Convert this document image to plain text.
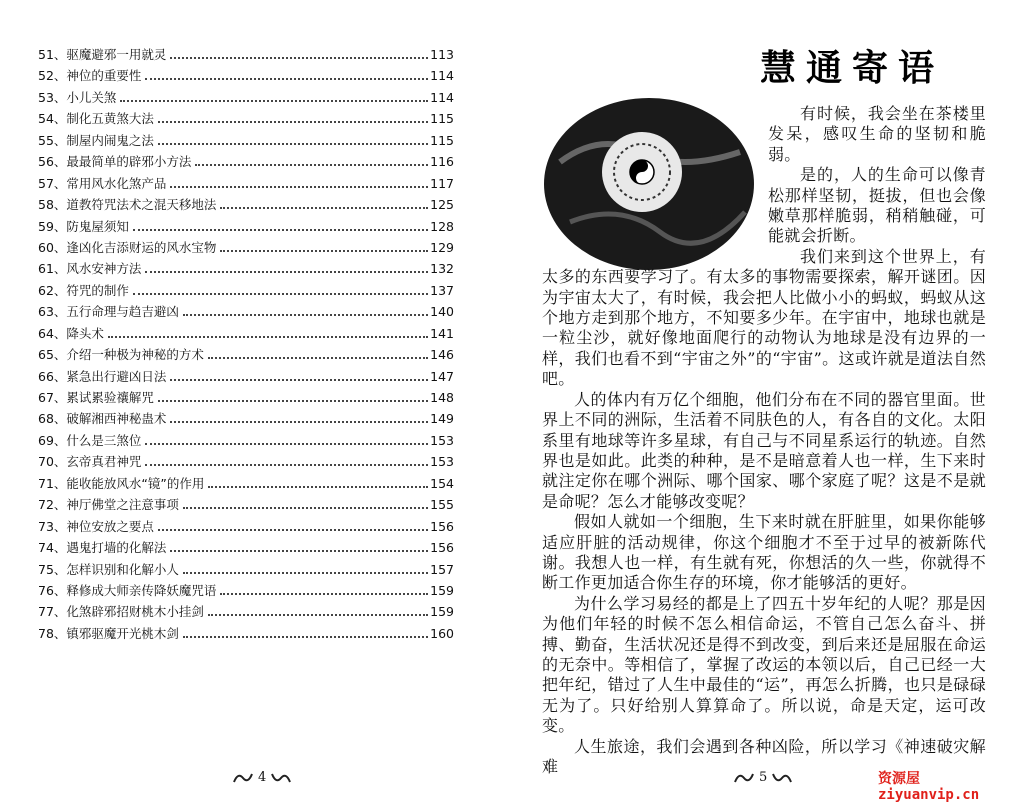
51、驱魔避邪一用就灵	113
52、神位的重要性	114
53、小儿关煞	114
54、制化五黄煞大法	115
55、制屋内闹鬼之法	115
56、最最简单的辟邪小方法	116
57、常用风水化煞产品	117
58、道教符咒法术之混天移地法	125
59、防鬼屋须知	128
60、逢凶化吉添财运的风水宝物	129
61、风水安神方法	132
62、符咒的制作	137
63、五行命理与趋吉避凶	140
64、降头术	141
65、介绍一种极为神秘的方术	146
66、紧急出行避凶日法	147
67、累试累验禳解咒	148
68、破解湘西神秘蛊术	149
69、什么是三煞位	153
70、玄帝真君神咒	153
71、能收能放风水“镜”的作用	154
72、神厅佛堂之注意事项	155
73、神位安放之要点	156
74、遇鬼打墙的化解法	156
75、怎样识别和化解小人	157
76、释修成大师亲传降妖魔咒语	159
77、化煞辟邪招财桃木小挂剑	159
78、镇邪驱魔开光桃木剑	160
4
慧通寄语

有时候，我会坐在茶楼里发呆，感叹生命的坚韧和脆弱。

是的，人的生命可以像青松那样坚韧，挺拔，但也会像嫩草那样脆弱，稍稍触碰，可能就会折断。

我们来到这个世界上，有太多的东西要学习了。有太多的事物需要探索，解开谜团。因为宇宙太大了，有时候，我会把人比做小小的蚂蚁，蚂蚁从这个地方走到那个地方，不知要多少年。在宇宙中，地球也就是一粒尘沙，就好像地面爬行的动物认为地球是没有边界的一样，我们也看不到“宇宙之外”的“宇宙”。这或许就是道法自然吧。

人的体内有万亿个细胞，他们分布在不同的器官里面。世界上不同的洲际，生活着不同肤色的人，有各自的文化。太阳系里有地球等许多星球，有自己与不同星系运行的轨迹。自然界也是如此。此类的种种，是不是暗意着人也一样，生下来时就注定你在哪个洲际、哪个国家、哪个家庭了呢？这是不是就是命呢？怎么才能够改变呢？

假如人就如一个细胞，生下来时就在肝脏里，如果你能够适应肝脏的活动规律，你这个细胞才不至于过早的被新陈代谢。我想人也一样，有生就有死，你想活的久一些，你就得不断工作更加适合你生存的环境，你才能够活的更好。

为什么学习易经的都是上了四五十岁年纪的人呢？那是因为他们年轻的时候不怎么相信命运，不管自己怎么奋斗、拼搏、勤奋，生活状况还是得不到改变，到后来还是屈服在命运的无奈中。等相信了，掌握了改运的本领以后，自己已经一大把年纪，错过了人生中最佳的“运”，再怎么折腾，也只是碌碌无为了。只好给别人算算命了。所以说，命是天定，运可改变。

人生旅途，我们会遇到各种凶险，所以学习《神速破灾解难

5	资源屋ziyuanvip.cn
